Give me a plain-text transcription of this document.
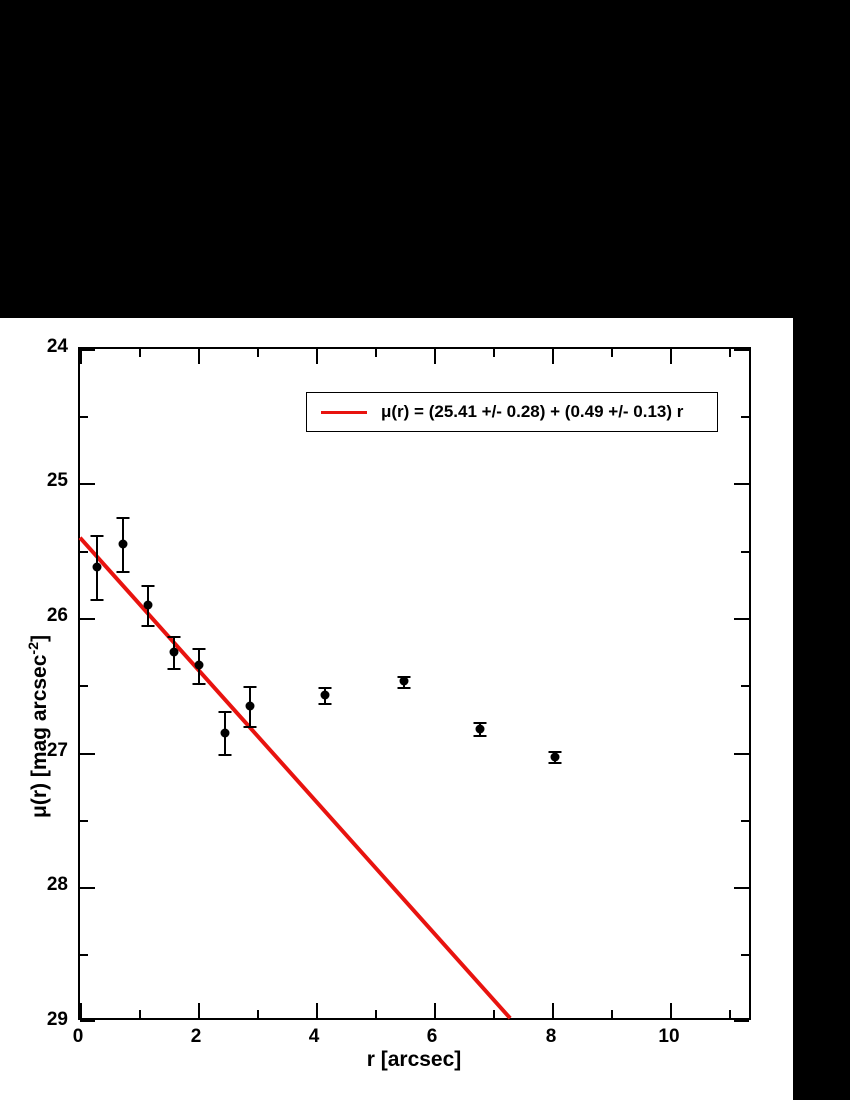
μ(r) [mag arcsec$^{-2}$]
r [arcsec]
24
25
26
27
28
29
0	2	4	6	8	10
μ(r) = (25.41 +/- 0.28) + (0.49 +/- 0.13) r
